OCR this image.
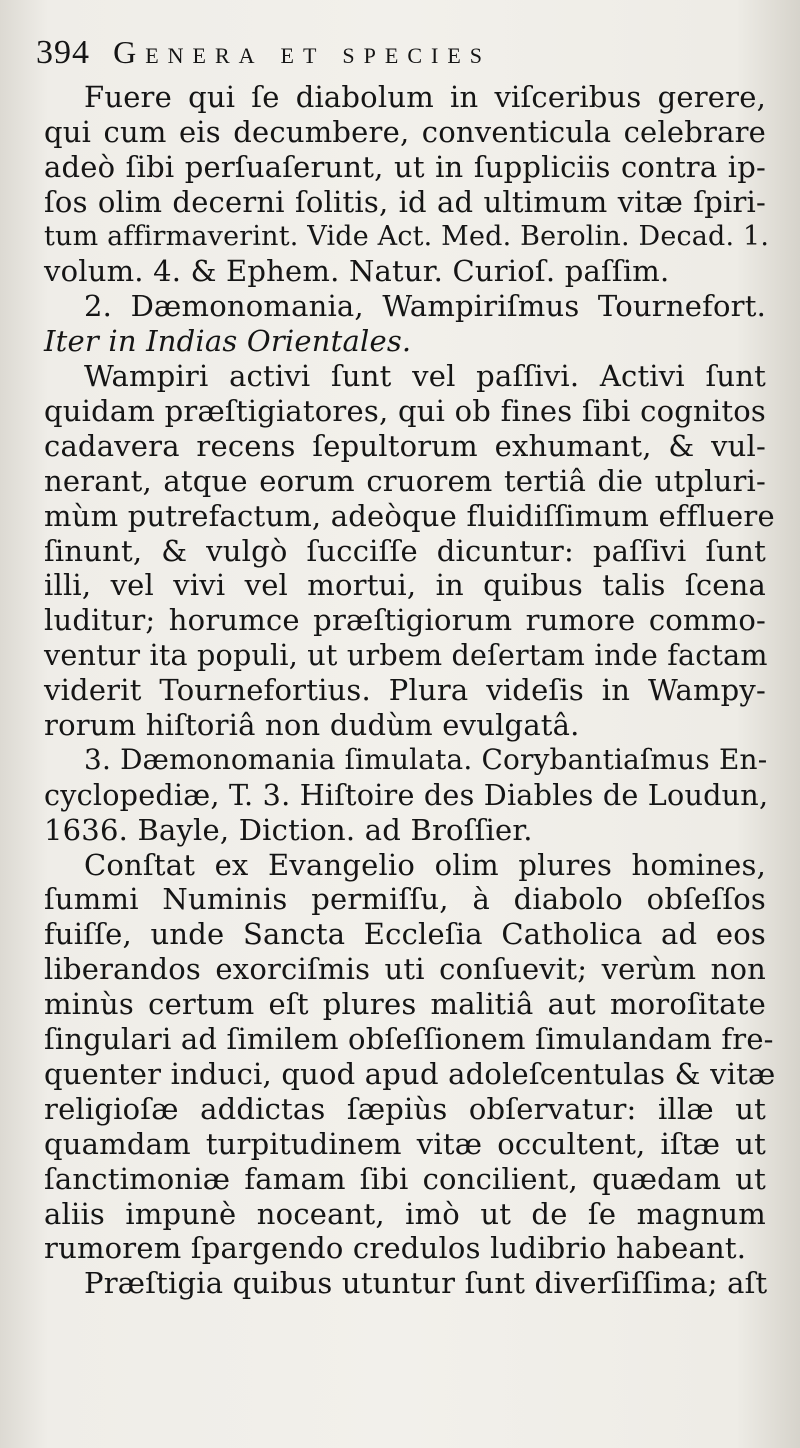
394 Genera et species
Fuere qui ſe diabolum in viſceribus gerere,
qui cum eis decumbere, conventicula celebrare
adeò ſibi perſuaſerunt, ut in ſuppliciis contra ip-
ſos olim decerni ſolitis, id ad ultimum vitæ ſpiri-
tum affirmaverint. Vide Act. Med. Berolin. Decad. 1.
volum. 4. & Ephem. Natur. Curioſ. paſſim.
2. Dæmonomania, Wampiriſmus Tournefort.
Iter in Indias Orientales.
Wampiri activi ſunt vel paſſivi. Activi ſunt
quidam præſtigiatores, qui ob fines ſibi cognitos
cadavera recens ſepultorum exhumant, & vul-
nerant, atque eorum cruorem tertiâ die utpluri-
mùm putrefactum, adeòque fluidiſſimum effluere
ſinunt, & vulgò ſucciſſe dicuntur: paſſivi ſunt
illi, vel vivi vel mortui, in quibus talis ſcena
luditur; horumce præſtigiorum rumore commo-
ventur ita populi, ut urbem deſertam inde factam
viderit Tournefortius. Plura videſis in Wampy-
rorum hiſtoriâ non dudùm evulgatâ.
3. Dæmonomania ſimulata. Corybantiaſmus En-
cyclopediæ, T. 3. Hiſtoire des Diables de Loudun,
1636. Bayle, Diction. ad Broſſier.
Conſtat ex Evangelio olim plures homines,
ſummi Numinis permiſſu, à diabolo obſeſſos
fuiſſe, unde Sancta Eccleſia Catholica ad eos
liberandos exorciſmis uti conſuevit; verùm non
minùs certum eſt plures malitiâ aut moroſitate
ſingulari ad ſimilem obſeſſionem ſimulandam fre-
quenter induci, quod apud adoleſcentulas & vitæ
religioſæ addictas ſæpiùs obſervatur: illæ ut
quamdam turpitudinem vitæ occultent, iſtæ ut
ſanctimoniæ famam ſibi concilient, quædam ut
aliis impunè noceant, imò ut de ſe magnum
rumorem ſpargendo credulos ludibrio habeant.
Præſtigia quibus utuntur ſunt diverſiſſima; aſt
